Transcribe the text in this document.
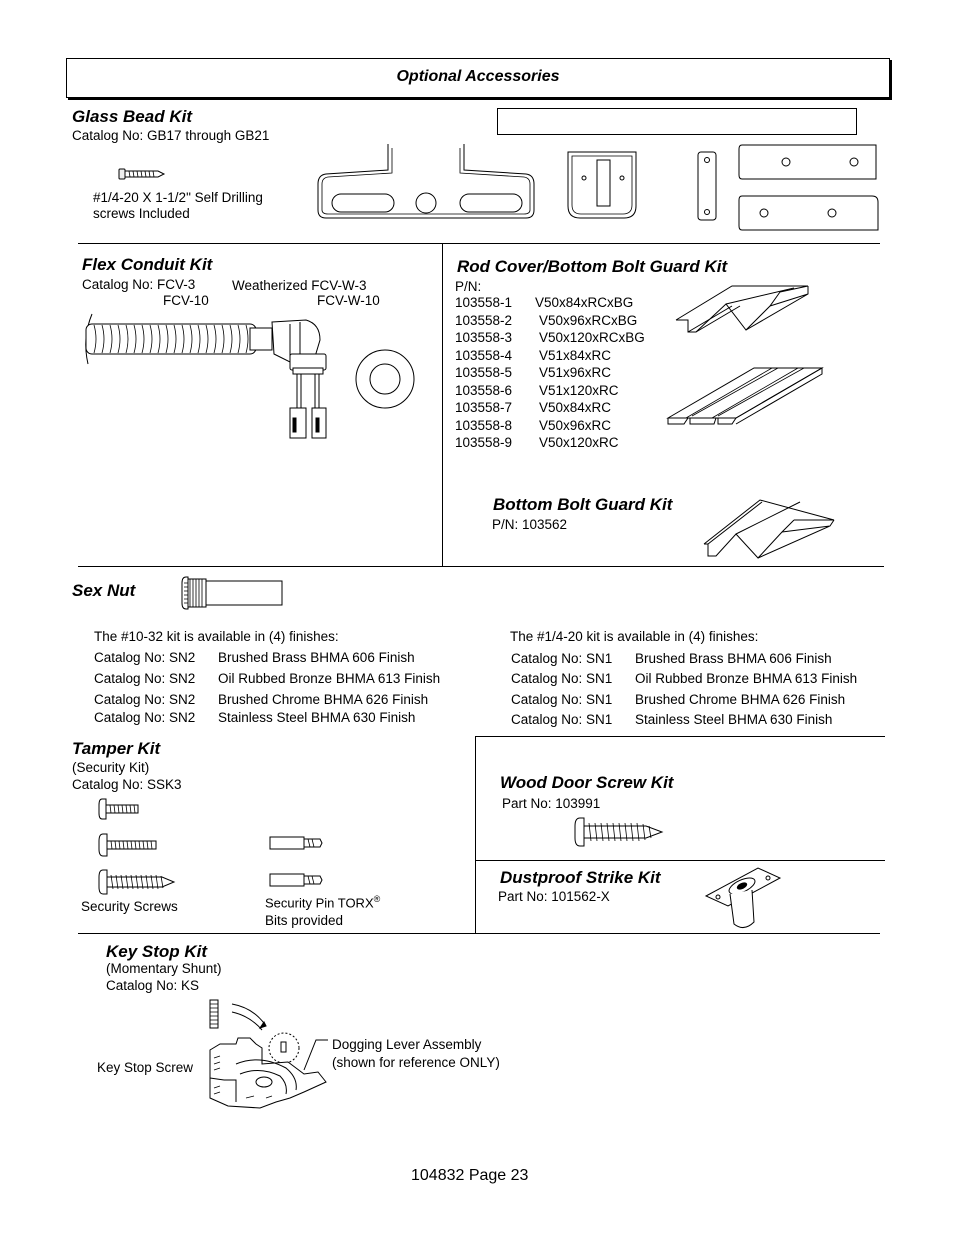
Optional Accessories
Glass Bead Kit
Catalog No: GB17 through GB21
#1/4-20 X 1-1/2" Self Drilling
screws Included
Flex Conduit Kit
Catalog No: FCV-3
FCV-10
Weatherized FCV-W-3
FCV-W-10
Rod Cover/Bottom Bolt Guard Kit
P/N:
103558-1 V50x84xRCxBG
103558-2 V50x96xRCxBG
103558-3 V50x120xRCxBG
103558-4 V51x84xRC
103558-5 V51x96xRC
103558-6 V51x120xRC
103558-7 V50x84xRC
103558-8 V50x96xRC
103558-9 V50x120xRC
Bottom Bolt Guard Kit
P/N: 103562
Sex Nut
The #10-32 kit is available in (4) finishes:
Catalog No: SN2 Brushed Brass BHMA 606 Finish
Catalog No: SN2 Oil Rubbed Bronze BHMA 613 Finish
Catalog No: SN2 Brushed Chrome BHMA 626 Finish
Catalog No: SN2 Stainless Steel BHMA 630 Finish
The #1/4-20 kit is available in (4) finishes:
Catalog No: SN1 Brushed Brass BHMA 606 Finish
Catalog No: SN1 Oil Rubbed Bronze BHMA 613 Finish
Catalog No: SN1 Brushed Chrome BHMA 626 Finish
Catalog No: SN1 Stainless Steel BHMA 630 Finish
Tamper Kit
(Security Kit)
Catalog No: SSK3
Security Screws	Security Pin TORX®
Bits provided
Wood Door Screw Kit
Part No: 103991
Dustproof Strike Kit
Part No: 101562-X
Key Stop Kit
(Momentary Shunt)
Catalog No: KS
Key Stop Screw
Dogging Lever Assembly
(shown for reference ONLY)
104832 Page 23
